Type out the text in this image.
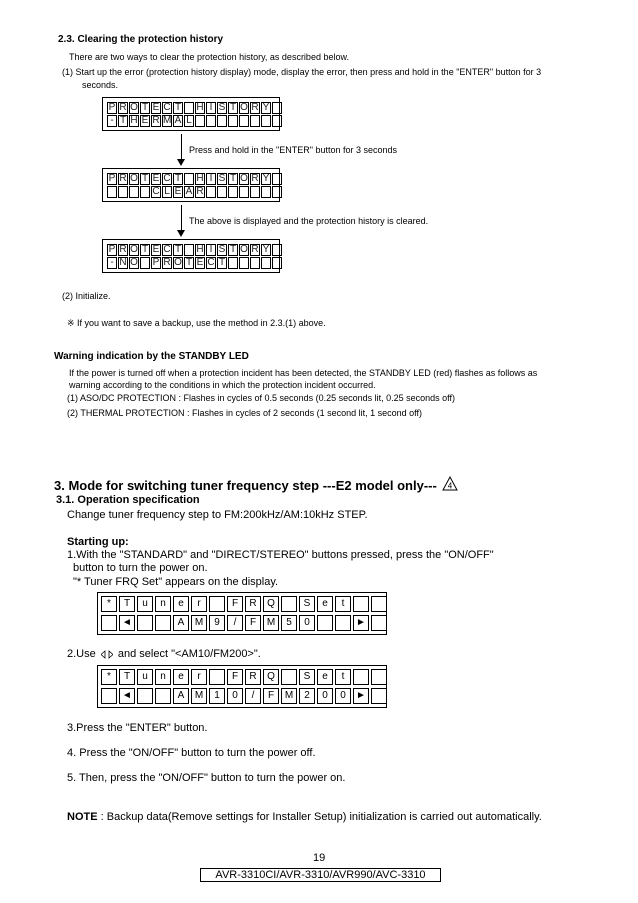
2.3. Clearing the protection history
There are two ways to clear the protection history, as described below.
(1) Start up the error (protection history display) mode, display the error, then press and hold in the "ENTER" button for 3
seconds.
P R O T E C T H I S T O R Y
- T H E R M A L
Press and hold in the "ENTER" button for 3 seconds
P R O T E C T H I S T O R Y
C L E A R
The above is displayed and the protection history is cleared.
P R O T E C T H I S T O R Y
- N O P R O T E C T
(2) Initialize.
※ If you want to save a backup, use the method in 2.3.(1) above.
Warning indication by the STANDBY LED
If the power is turned off when a protection incident has been detected, the STANDBY LED (red) flashes as follows as
warning according to the conditions in which the protection incident occurred.
(1) ASO/DC PROTECTION : Flashes in cycles of 0.5 seconds (0.25 seconds lit, 0.25 seconds off)
(2) THERMAL PROTECTION : Flashes in cycles of 2 seconds (1 second lit, 1 second off)
3. Mode for switching tuner frequency step ---E2 model only--- 4
3.1. Operation specification
Change tuner frequency step to FM:200kHz/AM:10kHz STEP.
Starting up:
1.With the "STANDARD" and "DIRECT/STEREO" buttons pressed, press the "ON/OFF"
button to turn the power on.
"* Tuner FRQ Set" appears on the display.
*	T	u	n	e	r	F	R	Q	S	e	t
◄	A	M	9	/	F	M	5	0	►
2.Use and select "<AM10/FM200>".
*	T	u	n	e	r	F	R	Q	S	e	t
◄	A	M	1	0	/	F	M	2	0	0	►
3.Press the "ENTER" button.
4. Press the "ON/OFF" button to turn the power off.
5. Then, press the "ON/OFF" button to turn the power on.
NOTE : Backup data(Remove settings for Installer Setup) initialization is carried out automatically.
19
AVR-3310CI/AVR-3310/AVR990/AVC-3310
